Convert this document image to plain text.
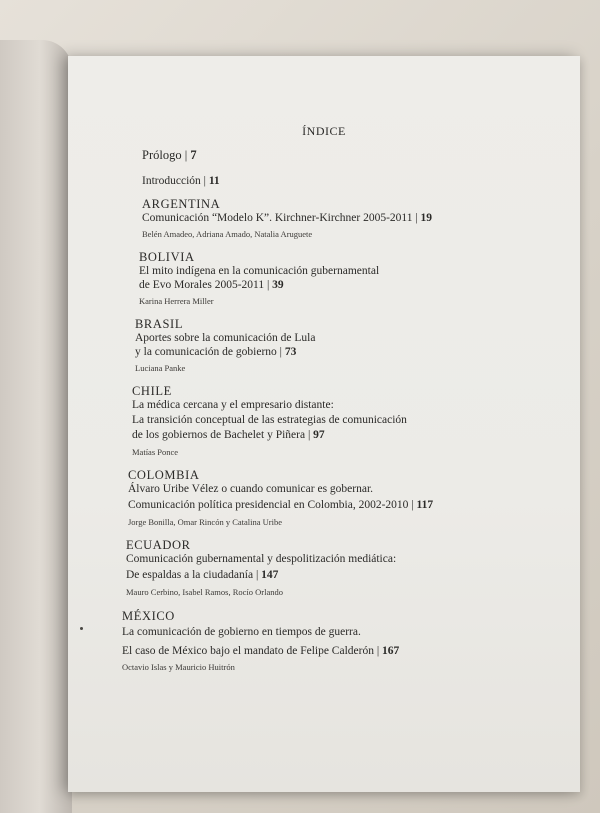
ÍNDICE
Prólogo | 7
Introducción | 11
ARGENTINA
Comunicación “Modelo K”. Kirchner-Kirchner 2005-2011 | 19
Belén Amadeo, Adriana Amado, Natalia Aruguete
BOLIVIA
El mito indígena en la comunicación gubernamental
de Evo Morales 2005-2011 | 39
Karina Herrera Miller
BRASIL
Aportes sobre la comunicación de Lula
y la comunicación de gobierno | 73
Luciana Panke
CHILE
La médica cercana y el empresario distante:
La transición conceptual de las estrategias de comunicación
de los gobiernos de Bachelet y Piñera | 97
Matías Ponce
COLOMBIA
Álvaro Uribe Vélez o cuando comunicar es gobernar.
Comunicación política presidencial en Colombia, 2002-2010 | 117
Jorge Bonilla, Omar Rincón y Catalina Uribe
ECUADOR
Comunicación gubernamental y despolitización mediática:
De espaldas a la ciudadanía | 147
Mauro Cerbino, Isabel Ramos, Rocío Orlando
MÉXICO
La comunicación de gobierno en tiempos de guerra.
El caso de México bajo el mandato de Felipe Calderón | 167
Octavio Islas y Mauricio Huitrón
